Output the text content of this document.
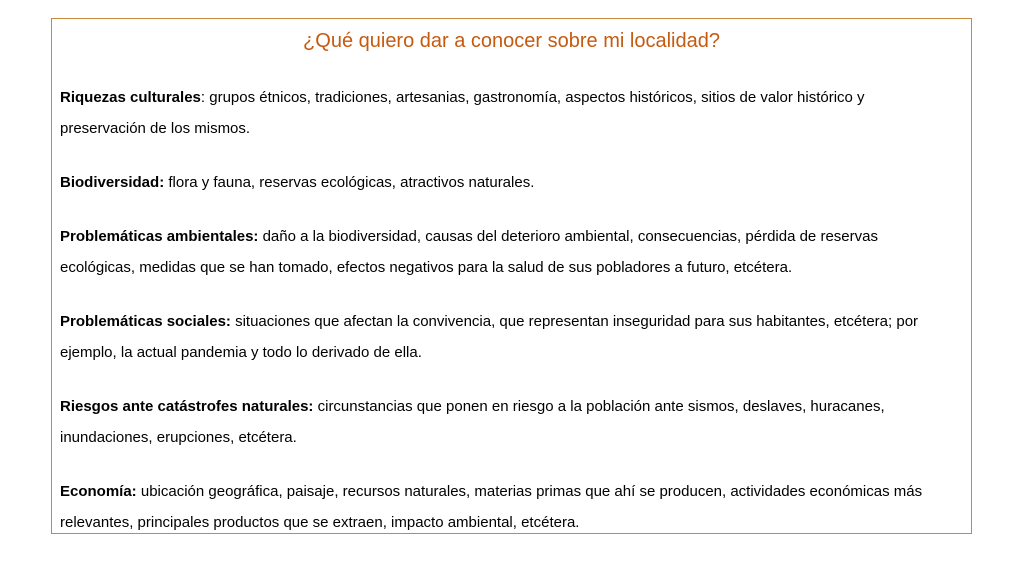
¿Qué quiero dar a conocer sobre mi localidad?

Riquezas culturales: grupos étnicos, tradiciones, artesanias, gastronomía, aspectos históricos, sitios de valor histórico y preservación de los mismos.

Biodiversidad: flora y fauna, reservas ecológicas, atractivos naturales.

Problemáticas ambientales: daño a la biodiversidad, causas del deterioro ambiental, consecuencias, pérdida de reservas ecológicas, medidas que se han tomado, efectos negativos para la salud de sus pobladores a futuro, etcétera.

Problemáticas sociales: situaciones que afectan la convivencia, que representan inseguridad para sus habitantes, etcétera; por ejemplo, la actual pandemia y todo lo derivado de ella.

Riesgos ante catástrofes naturales: circunstancias que ponen en riesgo a la población ante sismos, deslaves, huracanes, inundaciones, erupciones, etcétera.

Economía: ubicación geográfica, paisaje, recursos naturales, materias primas que ahí se producen, actividades económicas más relevantes, principales productos que se extraen, impacto ambiental, etcétera.
